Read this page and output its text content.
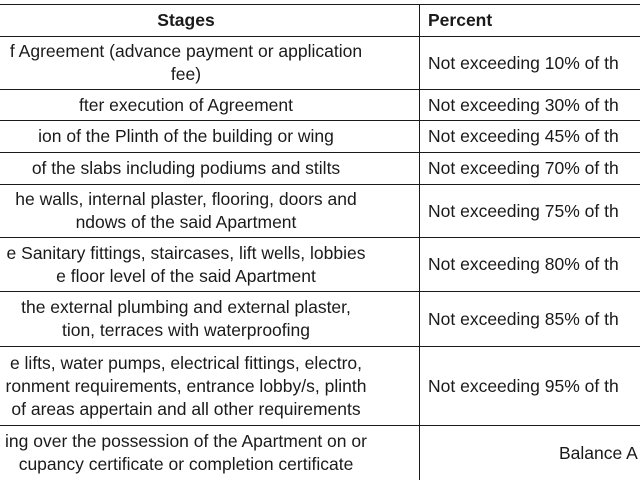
Stages	Percent
f Agreement (advance payment or application
fee)	Not exceeding 10% of th
fter execution of Agreement	Not exceeding 30% of th
ion of the Plinth of the building or wing	Not exceeding 45% of th
of the slabs including podiums and stilts	Not exceeding 70% of th
he walls, internal plaster, flooring, doors and
ndows of the said Apartment	Not exceeding 75% of th
e Sanitary fittings, staircases, lift wells, lobbies
e floor level of the said Apartment	Not exceeding 80% of th
the external plumbing and external plaster,
tion, terraces with waterproofing	Not exceeding 85% of th
e lifts, water pumps, electrical fittings, electro,
ronment requirements, entrance lobby/s, plinth
of areas appertain and all other requirements	Not exceeding 95% of th
ing over the possession of the Apartment on or
cupancy certificate or completion certificate	Balance A
